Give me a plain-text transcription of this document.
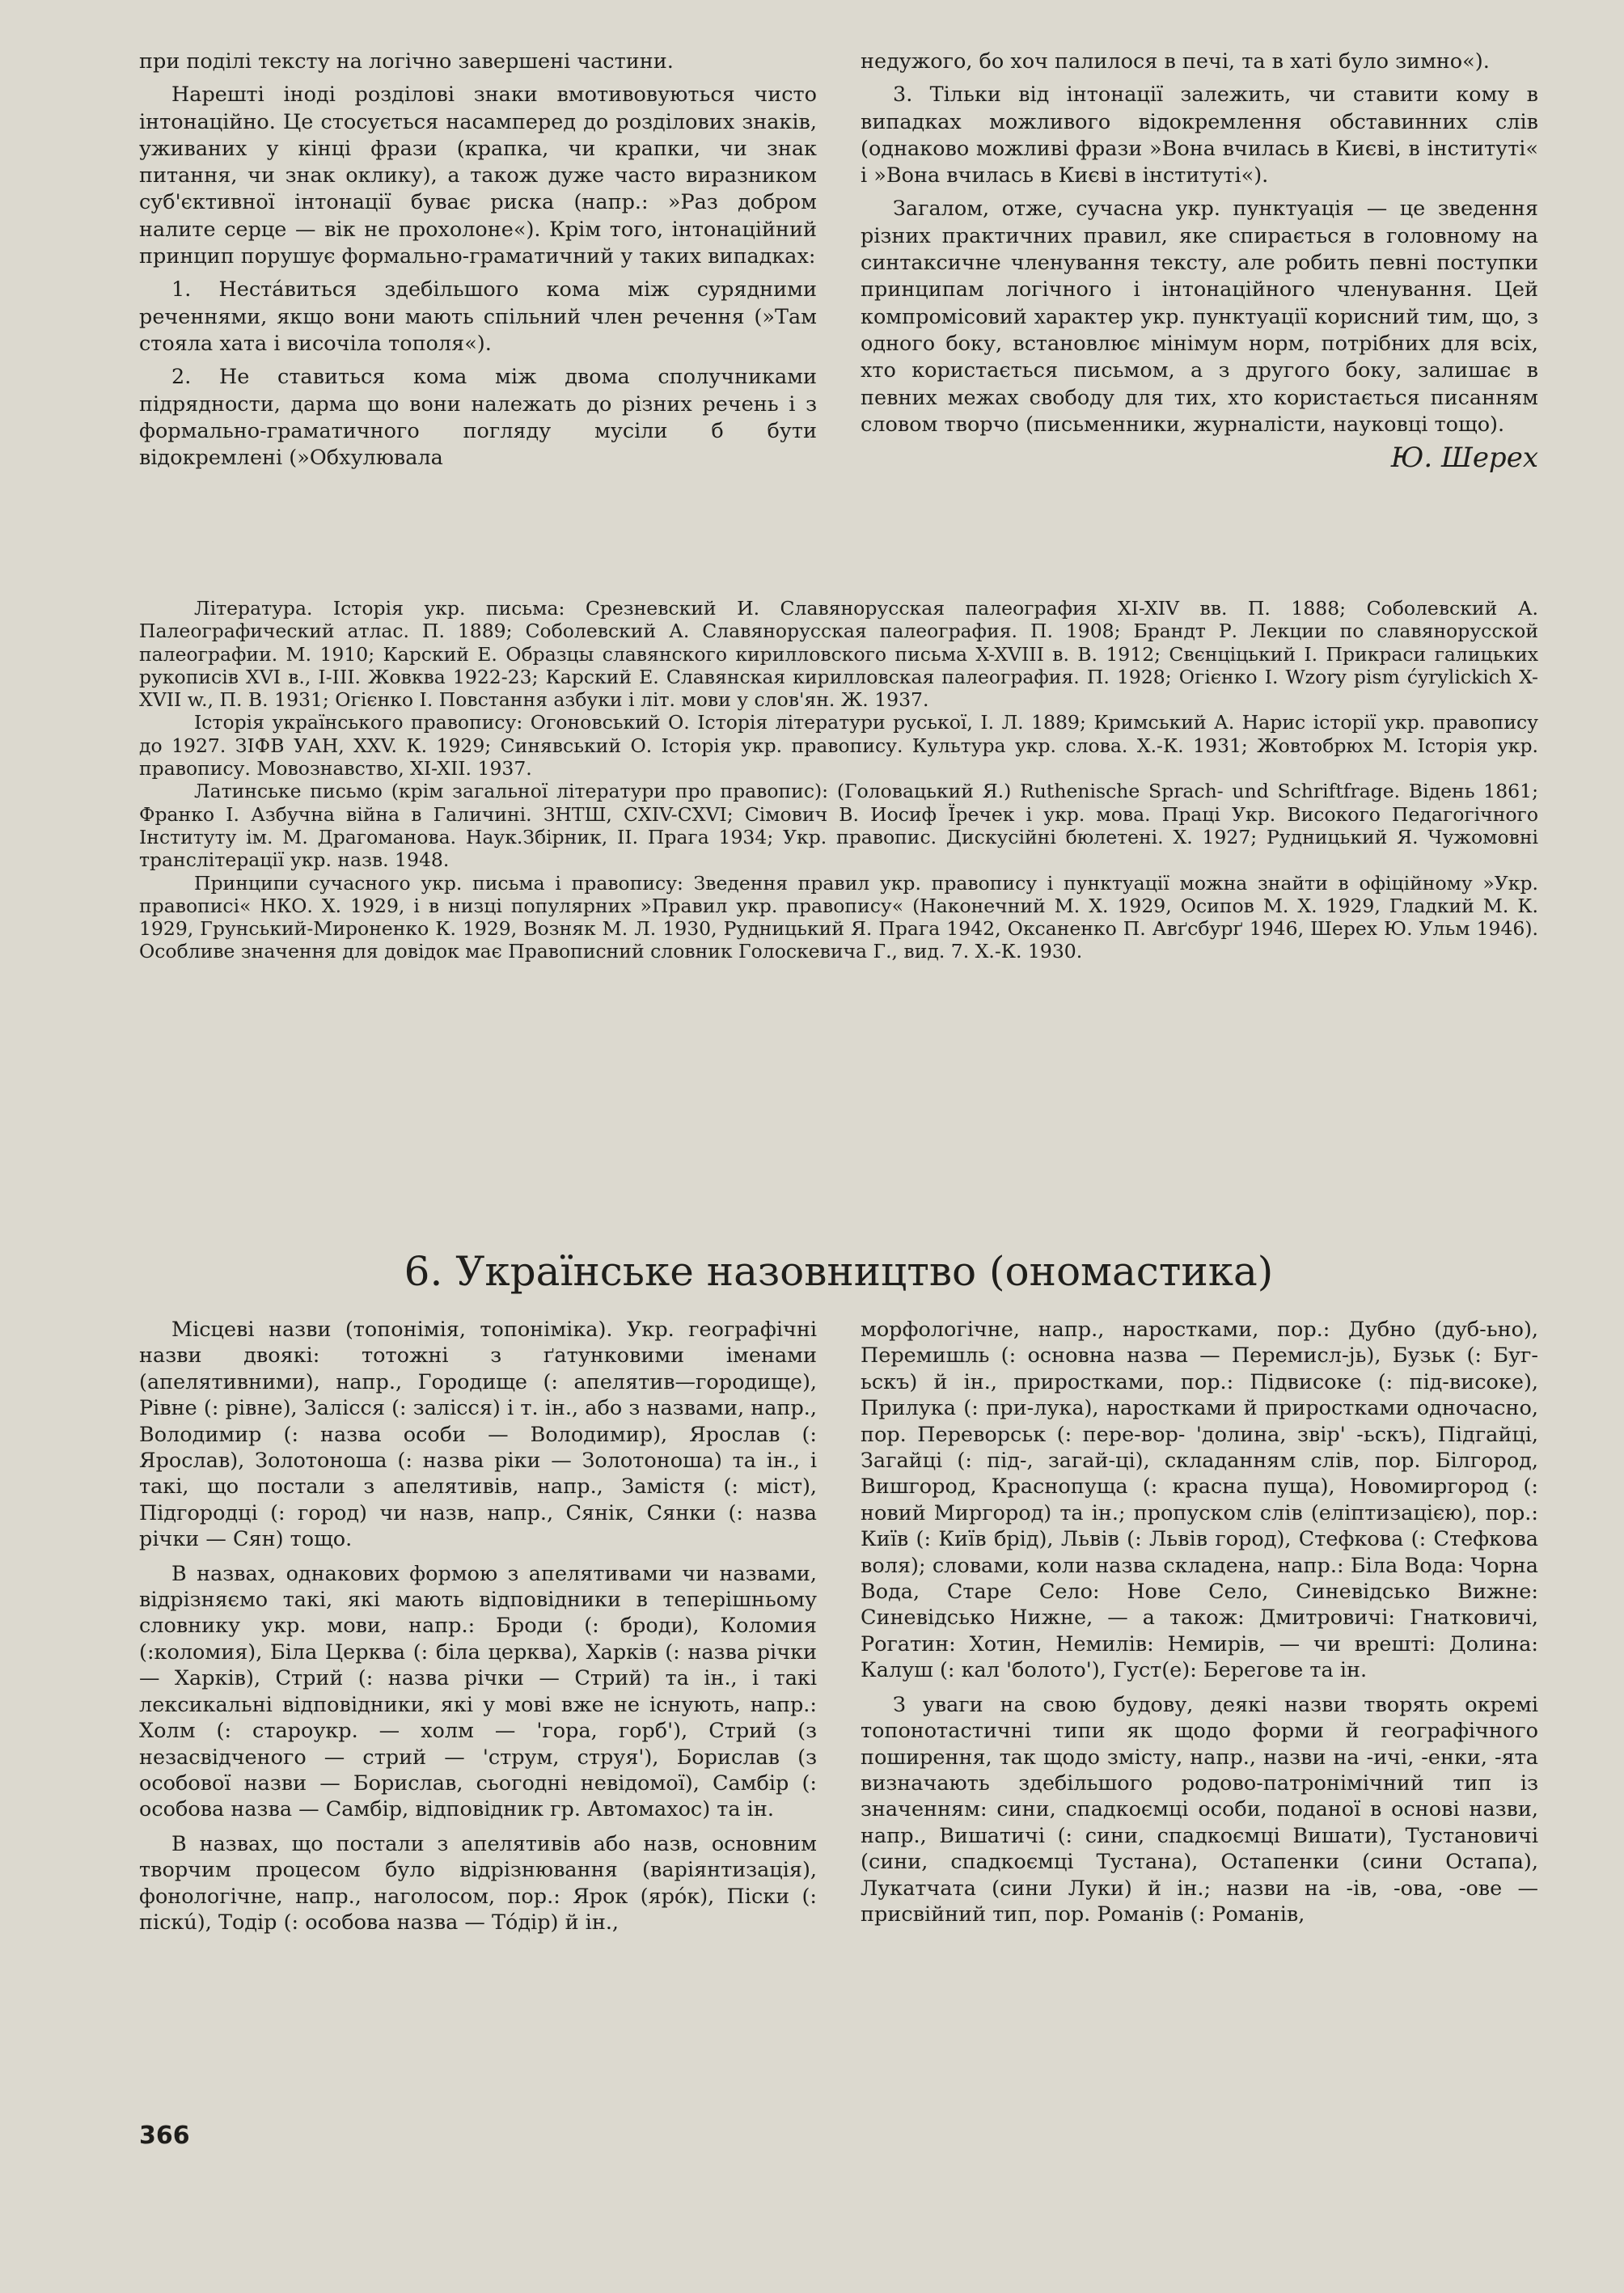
при поділі тексту на логічно завершені частини.

Нарешті іноді розділові знаки вмотивовуються чисто інтонаційно. Це стосується насамперед до розділових знаків, уживаних у кінці фрази (крапка, чи крапки, чи знак питання, чи знак оклику), а також дуже часто виразником суб'єктивної інтонації буває риска (напр.: »Раз добром налите серце — вік не прохолоне«). Крім того, інтонаційний принцип порушує формально-граматичний у таких випадках:

1. Нестáвиться здебільшого кома між сурядними реченнями, якщо вони мають спільний член речення (»Там стояла хата і височіла тополя«).

2. Не ставиться кома між двома сполучниками підрядности, дарма що вони належать до різних речень і з формально-граматичного погляду мусіли б бути відокремлені (»Обхулювала

недужого, бо хоч палилося в печі, та в хаті було зимно«).

3. Тільки від інтонації залежить, чи ставити кому в випадках можливого відокремлення обставинних слів (однаково можливі фрази »Вона вчилась в Києві, в інституті« і »Вона вчилась в Києві в інституті«).

Загалом, отже, сучасна укр. пунктуація — це зведення різних практичних правил, яке спирається в головному на синтаксичне членування тексту, але робить певні поступки принципам логічного і інтонаційного членування. Цей компромісовий характер укр. пунктуації корисний тим, що, з одного боку, встановлює мінімум норм, потрібних для всіх, хто користається письмом, а з другого боку, залишає в певних межах свободу для тих, хто користається писанням словом творчо (письменники, журналісти, науковці тощо).

Ю. Шерех

Література. Історія укр. письма: Срезневский И. Славянорусская палеография XI-XIV вв. П. 1888; Соболевский А. Палеографический атлас. П. 1889; Соболевский А. Славянорусская палеография. П. 1908; Брандт Р. Лекции по славянорусской палеографии. М. 1910; Карский Е. Образцы славянского кирилловского письма X-XVIII в. В. 1912; Свєнціцький І. Прикраси галицьких рукописів XVI в., I-III. Жовква 1922-23; Карский Е. Славянская кирилловская палеография. П. 1928; Огієнко І. Wzory pism ćyrylickich X-XVII w., П. В. 1931; Огієнко І. Повстання азбуки і літ. мови у слов'ян. Ж. 1937.

Історія українського правопису: Огоновський О. Історія літератури руської, І. Л. 1889; Кримський А. Нарис історії укр. правопису до 1927. ЗІФВ УАН, XXV. К. 1929; Синявський О. Історія укр. правопису. Культура укр. слова. Х.-К. 1931; Жовтобрюх М. Історія укр. правопису. Мовознавство, XI-XII. 1937.

Латинське письмо (крім загальної літератури про правопис): (Головацький Я.) Ruthenische Sprach- und Schriftfrage. Відень 1861; Франко І. Азбучна війна в Галичині. ЗНТШ, CXIV-CXVI; Сімович В. Иосиф Їречек і укр. мова. Праці Укр. Високого Педагогічного Інституту ім. М. Драгоманова. Наук.Збірник, II. Прага 1934; Укр. правопис. Дискусійні бюлетені. Х. 1927; Рудницький Я. Чужомовні транслітерації укр. назв. 1948.

Принципи сучасного укр. письма і правопису: Зведення правил укр. правопису і пунктуації можна знайти в офіційному »Укр. правописі« НКО. Х. 1929, і в низці популярних »Правил укр. правопису« (Наконечний М. Х. 1929, Осипов М. Х. 1929, Гладкий М. К. 1929, Грунський-Мироненко К. 1929, Возняк М. Л. 1930, Рудницький Я. Прага 1942, Оксаненко П. Авґсбурґ 1946, Шерех Ю. Ульм 1946). Особливе значення для довідок має Правописний словник Голоскевича Г., вид. 7. Х.-К. 1930.

6. Українське назовництво (ономастика)

Місцеві назви (топонімія, топоніміка). Укр. географічні назви двоякі: тотожні з ґатунковими іменами (апелятивними), напр., Городище (: апелятив—городище), Рівне (: рівне), Залісся (: залісся) і т. ін., або з назвами, напр., Володимир (: назва особи — Володимир), Ярослав (: Ярослав), Золотоноша (: назва ріки — Золотоноша) та ін., і такі, що постали з апелятивів, напр., Замістя (: міст), Підгородці (: город) чи назв, напр., Сянік, Сянки (: назва річки — Сян) тощо.

В назвах, однакових формою з апелятивами чи назвами, відрізняємо такі, які мають відповідники в теперішньому словнику укр. мови, напр.: Броди (: броди), Коломия (:коломия), Біла Церква (: біла церква), Харків (: назва річки — Харків), Стрий (: назва річки — Стрий) та ін., і такі лексикальні відповідники, які у мові вже не існують, напр.: Холм (: староукр. — холм — 'гора, горб'), Стрий (з незасвідченого — стрий — 'струм, струя'), Борислав (з особової назви — Борислав, сьогодні невідомої), Самбір (: особова назва — Самбір, відповідник гр. Автомахос) та ін.

В назвах, що постали з апелятивів або назв, основним творчим процесом було відрізнювання (варіянтизація), фонологічне, напр., наголосом, пор.: Ярок (ярóк), Піски (: піскú), Тодір (: особова назва — Тóдір) й ін.,

морфологічне, напр., наростками, пор.: Дубно (дуб-ьно), Перемишль (: основна назва — Перемисл-јь), Бузьк (: Буг-ьскъ) й ін., приростками, пор.: Підвисоке (: під-високе), Прилука (: при-лука), наростками й приростками одночасно, пор. Переворськ (: пере-вор- 'долина, звір' -ьскъ), Підгайці, Загайці (: під-, загай-ці), складанням слів, пор. Білгород, Вишгород, Краснопуща (: красна пуща), Новомиргород (: новий Миргород) та ін.; пропуском слів (еліптизацією), пор.: Київ (: Київ брід), Львів (: Львів город), Стефкова (: Стефкова воля); словами, коли назва складена, напр.: Біла Вода: Чорна Вода, Старе Село: Нове Село, Синевідсько Вижне: Синевідсько Нижне, — а також: Дмитровичі: Гнатковичі, Рогатин: Хотин, Немилів: Немирів, — чи врешті: Долина: Калуш (: кал 'болото'), Густ(е): Берегове та ін.

З уваги на свою будову, деякі назви творять окремі топонотастичні типи як щодо форми й географічного поширення, так щодо змісту, напр., назви на -ичі, -енки, -ята визначають здебільшого родово-патронімічний тип із значенням: сини, спадкоємці особи, поданої в основі назви, напр., Вишатичі (: сини, спадкоємці Вишати), Тустановичі (сини, спадкоємці Тустана), Остапенки (сини Остапа), Лукатчата (сини Луки) й ін.; назви на -ів, -ова, -ове — присвійний тип, пор. Романів (: Романів,

366
